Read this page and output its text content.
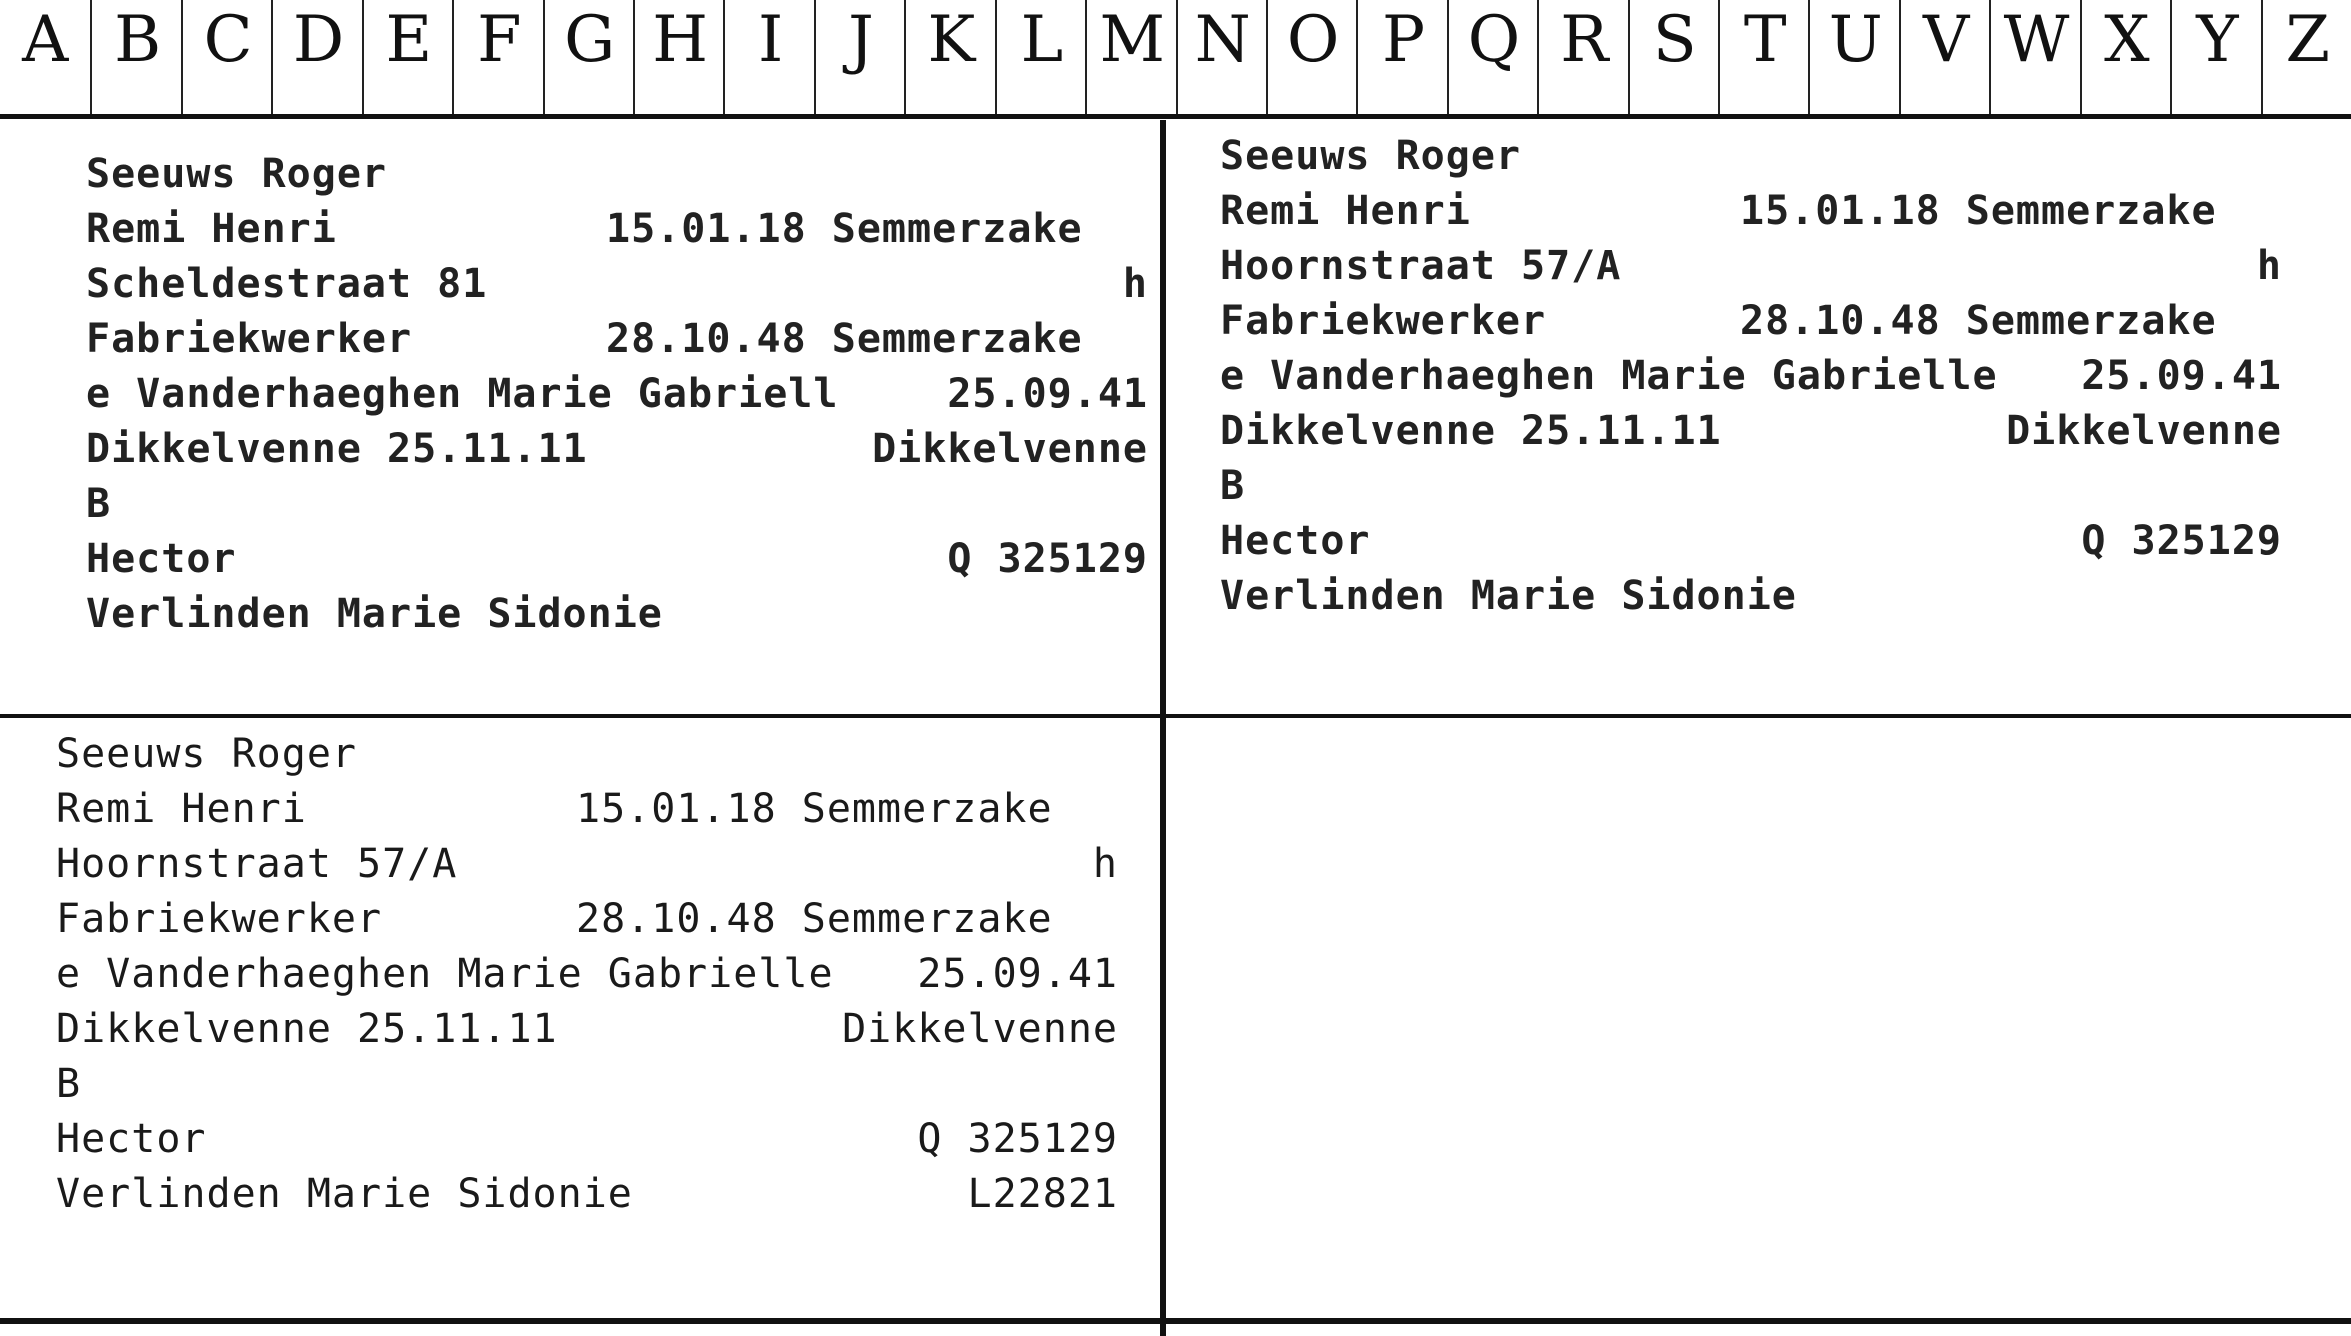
A B C D E F G H I	J K L M N O P Q R S T U V W X Y Z
Seeuws Roger
Remi Henri	15.01.18 Semmerzake
Scheldestraat 81	h
Fabriekwerker	28.10.48 Semmerzake
e Vanderhaeghen Marie Gabriell	25.09.41
Dikkelvenne 25.11.11	Dikkelvenne
B
Hector	Q 325129
Verlinden Marie Sidonie
Seeuws Roger
Remi Henri	15.01.18 Semmerzake
Hoornstraat 57/A	h
Fabriekwerker	28.10.48 Semmerzake
e Vanderhaeghen Marie Gabrielle 25.09.41
Dikkelvenne 25.11.11	Dikkelvenne
B
Hector	Q 325129
Verlinden Marie Sidonie
Seeuws Roger
Remi Henri	15.01.18 Semmerzake
Hoornstraat 57/A	h
Fabriekwerker	28.10.48 Semmerzake
e Vanderhaeghen Marie Gabrielle 25.09.41
Dikkelvenne 25.11.11	Dikkelvenne
B
Hector	Q 325129
Verlinden Marie Sidonie	L22821
